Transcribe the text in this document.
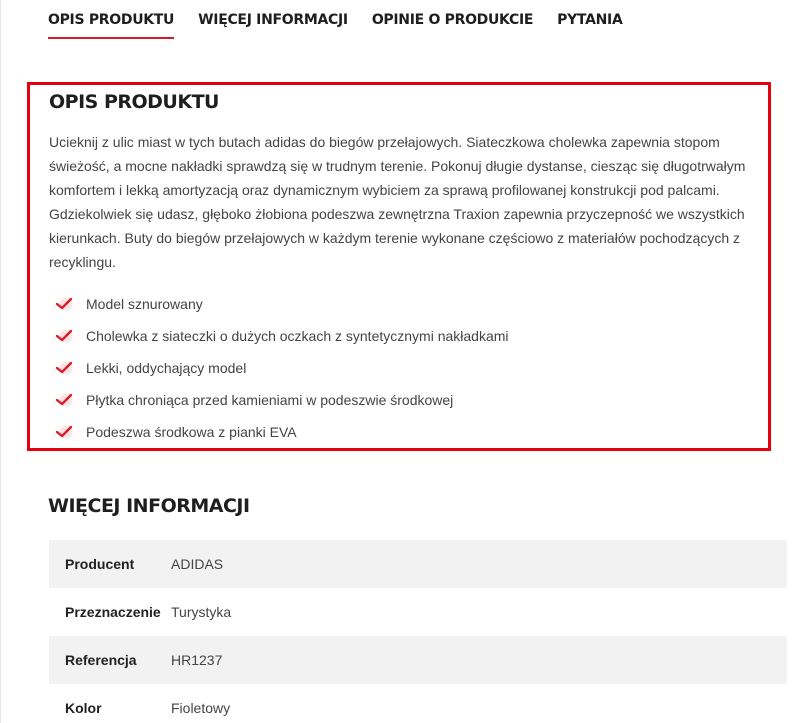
OPIS PRODUKTU WIĘCEJ INFORMACJI OPINIE O PRODUKCIE PYTANIA
OPIS PRODUKTU

Ucieknij z ulic miast w tych butach adidas do biegów przełajowych. Siateczkowa cholewka zapewnia stopom świeżość, a mocne nakładki sprawdzą się w trudnym terenie. Pokonuj długie dystanse, ciesząc się długotrwałym komfortem i lekką amortyzacją oraz dynamicznym wybiciem za sprawą profilowanej konstrukcji pod palcami. Gdziekolwiek się udasz, głęboko żłobiona podeszwa zewnętrzna Traxion zapewnia przyczepność we wszystkich kierunkach. Buty do biegów przełajowych w każdym terenie wykonane częściowo z materiałów pochodzących z recyklingu.

Model sznurowany
Cholewka z siateczki o dużych oczkach z syntetycznymi nakładkami
Lekki, oddychający model
Płytka chroniąca przed kamieniami w podeszwie środkowej
Podeszwa środkowa z pianki EVA
WIĘCEJ INFORMACJI
Producent	ADIDAS
Przeznaczenie Turystyka
Referencja	HR1237
Kolor	Fioletowy
